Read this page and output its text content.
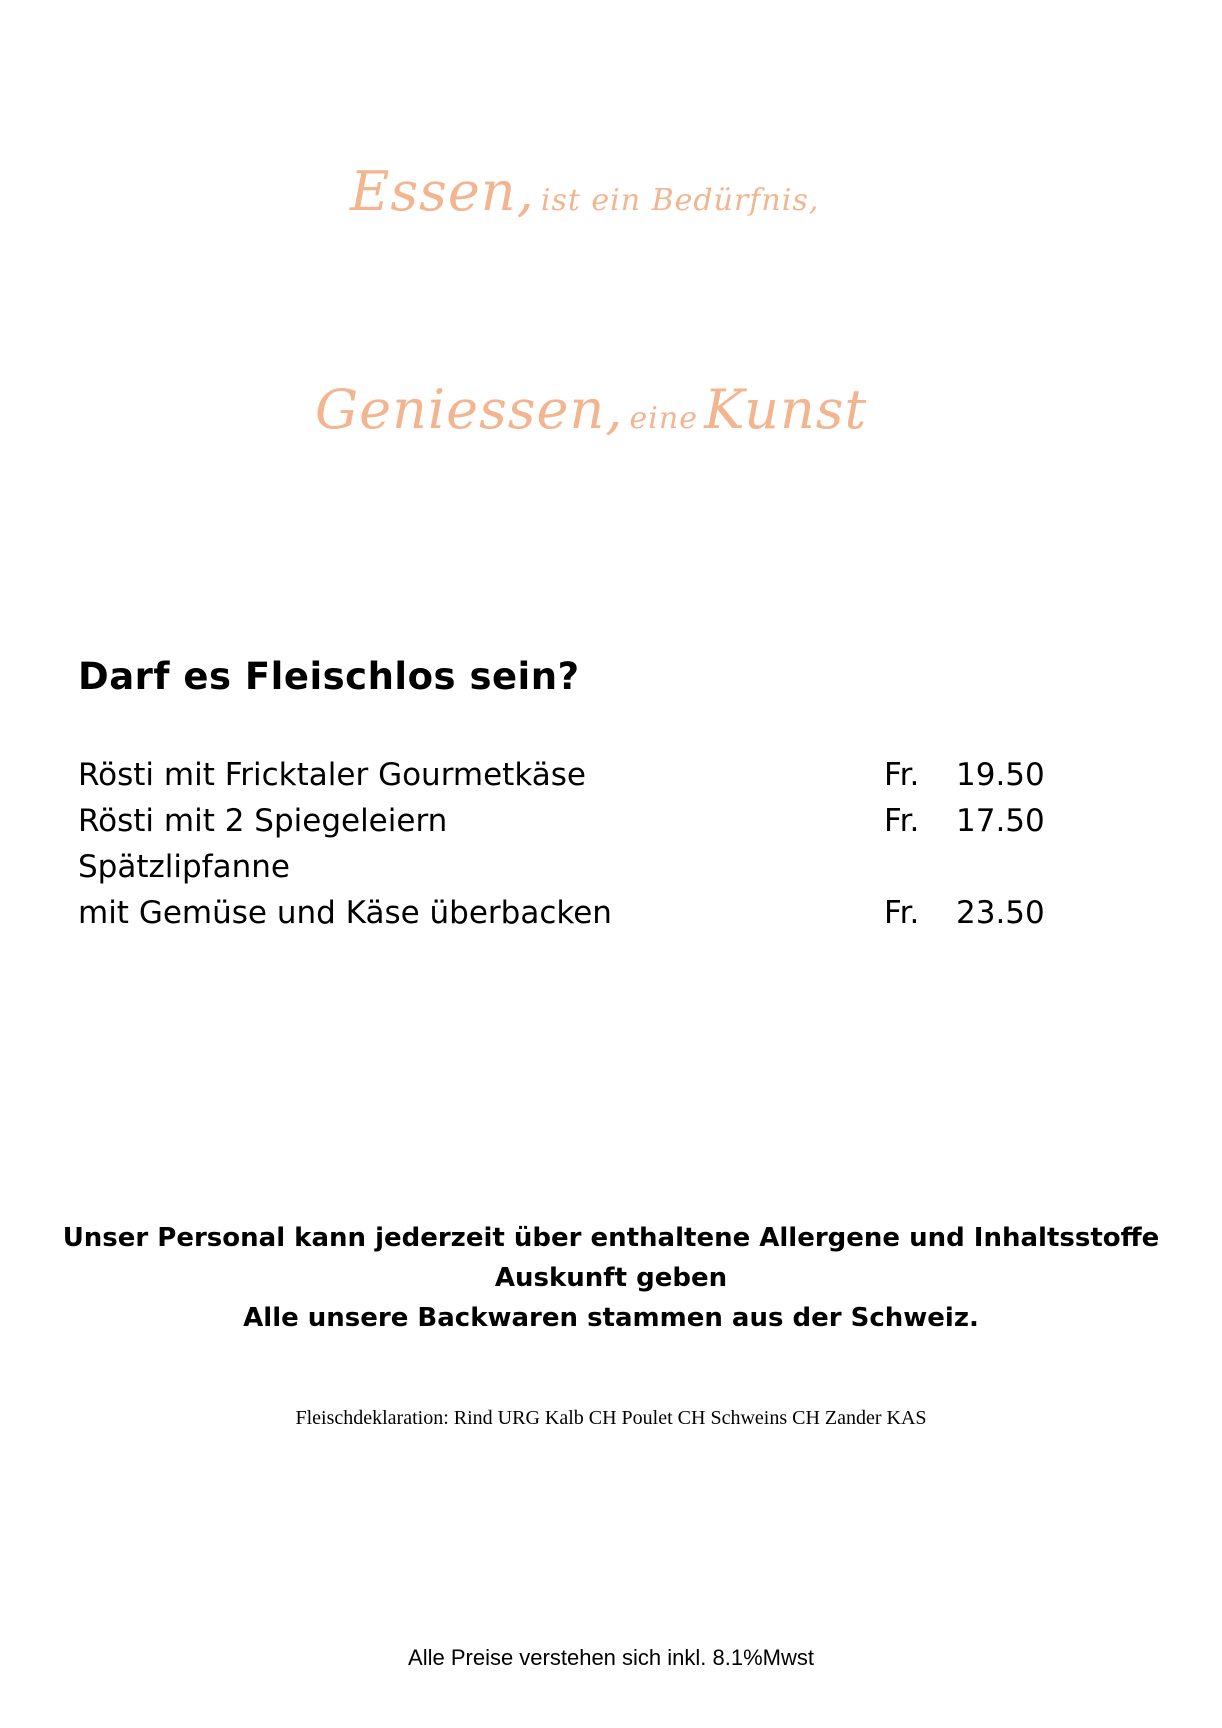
Essen, ist ein Bedürfnis,
Geniessen, eine Kunst
Darf es Fleischlos sein?
Rösti mit Fricktaler Gourmetkäse	Fr. 19.50
Rösti mit 2 Spiegeleiern	Fr. 17.50
Spätzlipfanne
mit Gemüse und Käse überbacken	Fr. 23.50
Unser Personal kann jederzeit über enthaltene Allergene und Inhaltsstoffe
Auskunft geben
Alle unsere Backwaren stammen aus der Schweiz.
Fleischdeklaration: Rind URG Kalb CH Poulet CH Schweins CH Zander KAS
Alle Preise verstehen sich inkl. 8.1%Mwst
